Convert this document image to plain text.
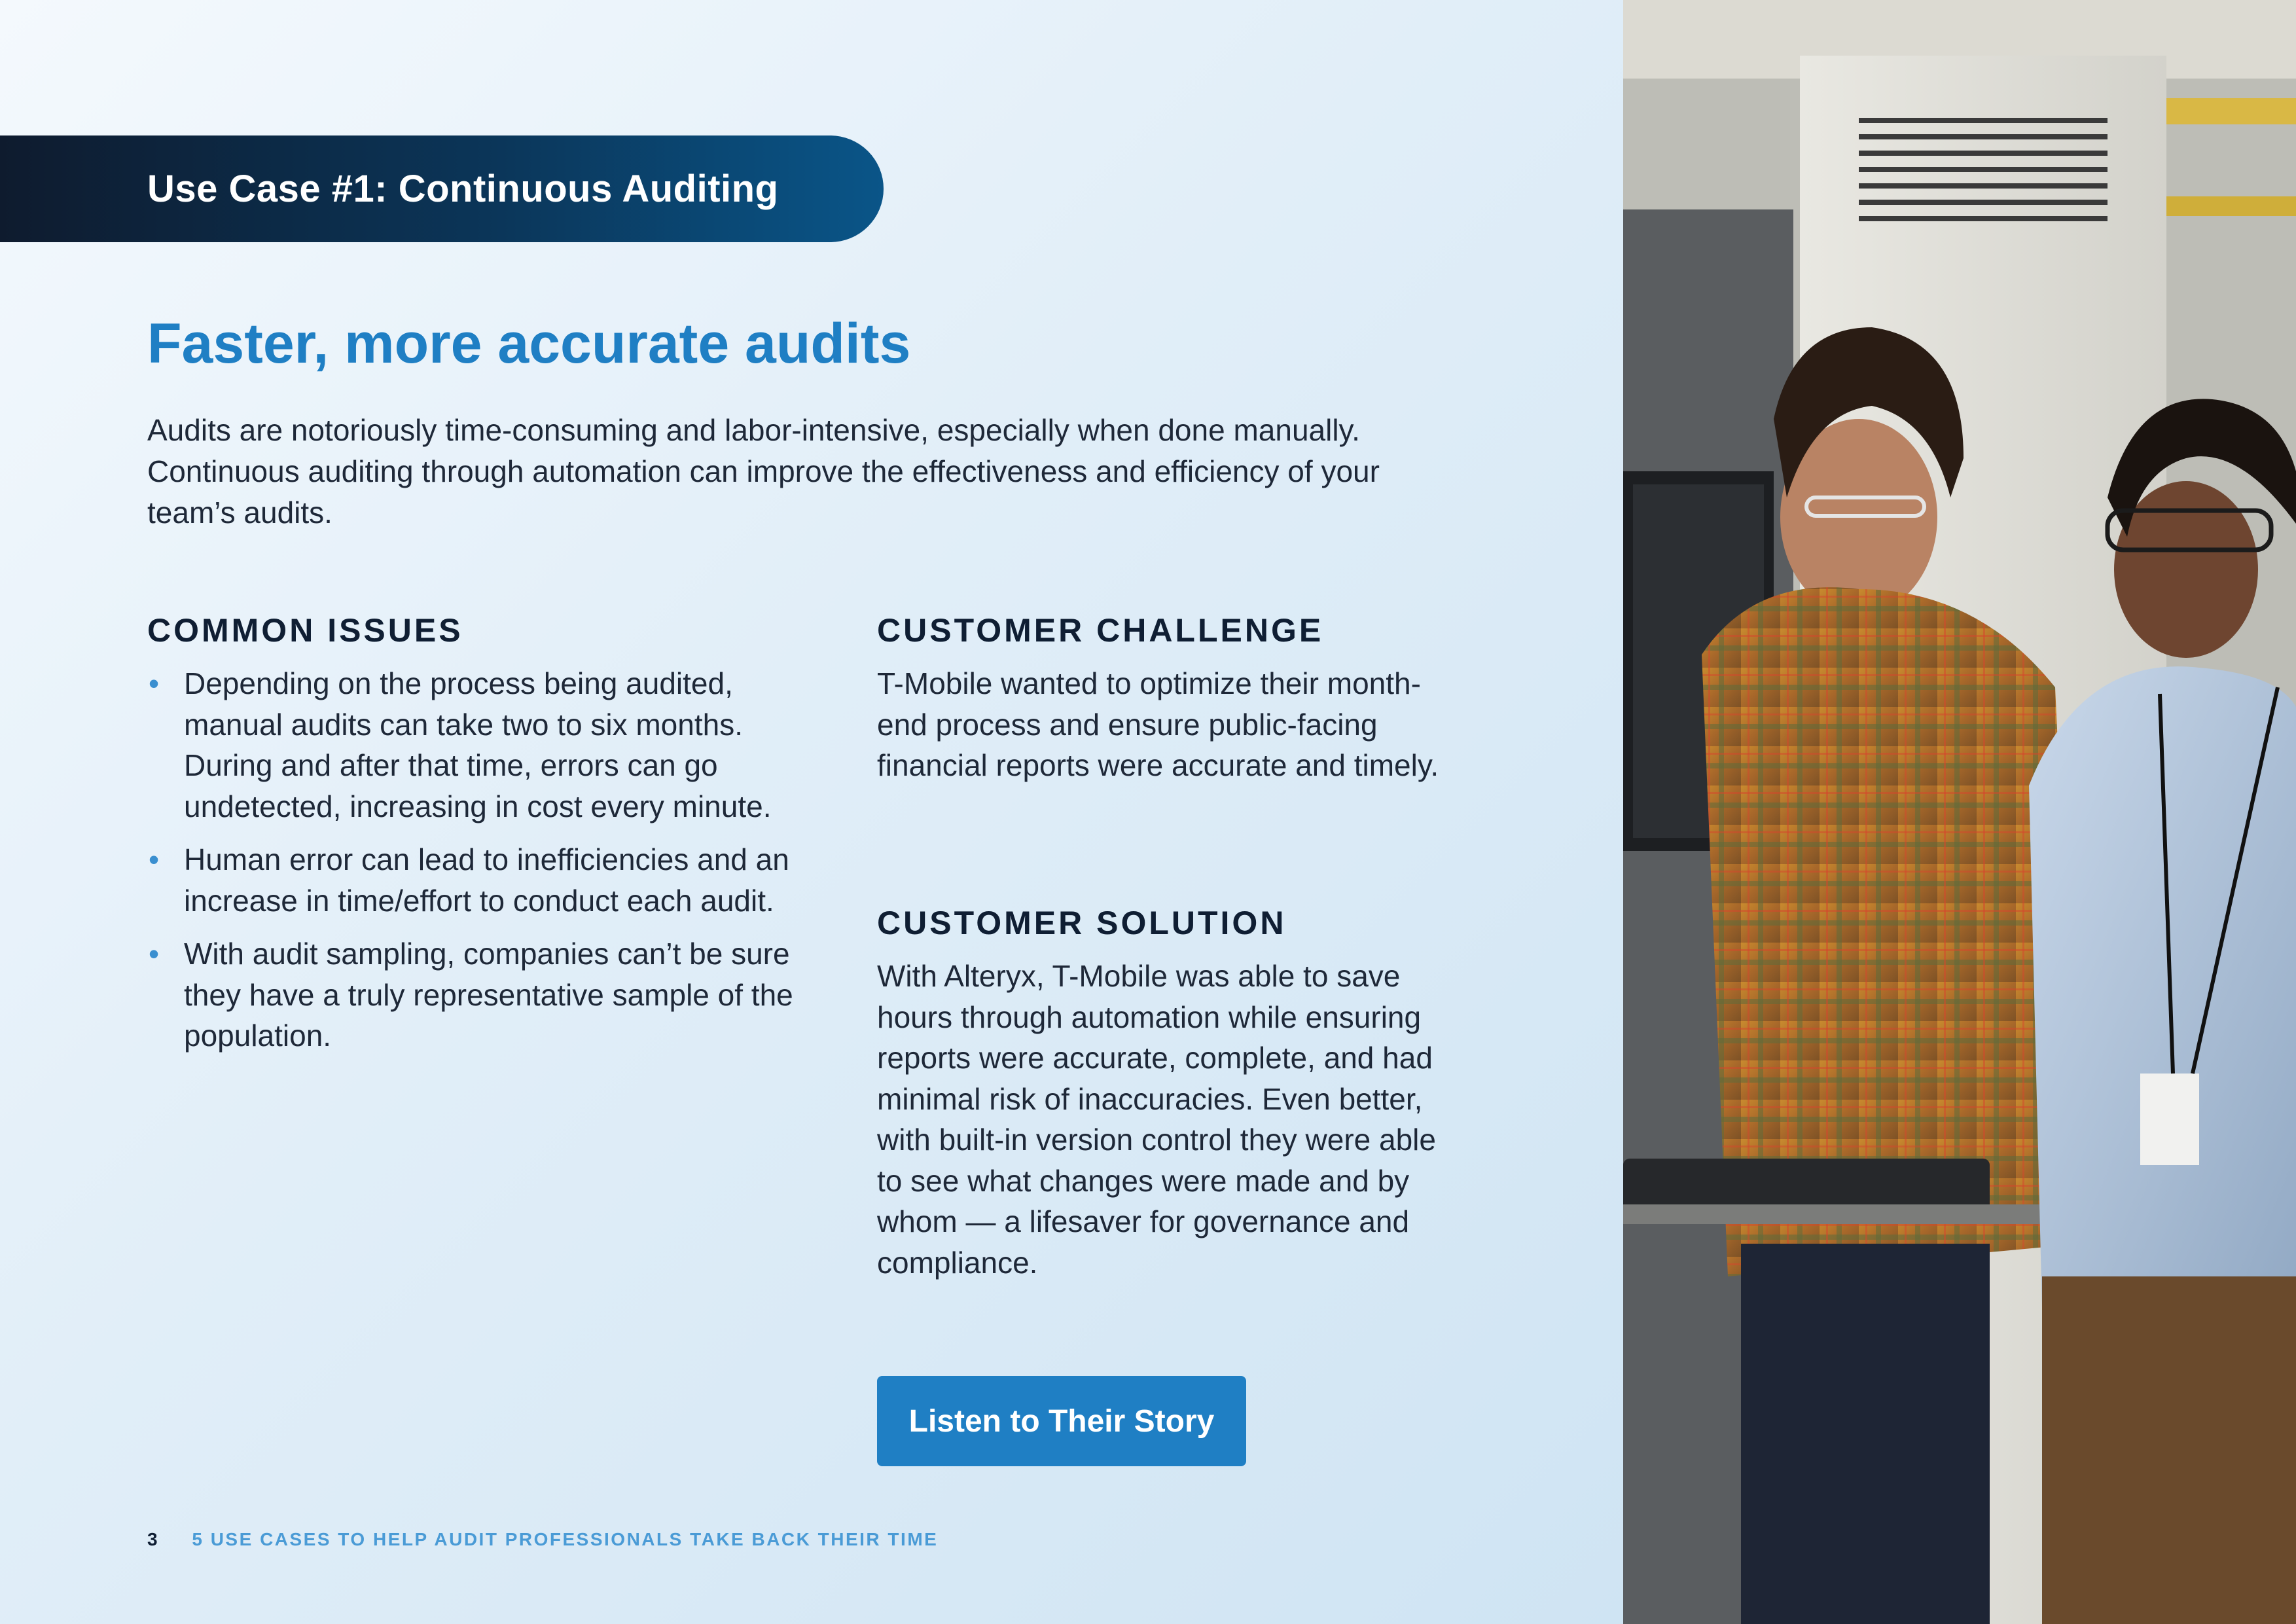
Use Case #1: Continuous Auditing
Faster, more accurate audits

Audits are notoriously time-consuming and labor-intensive, especially when done manually. Continuous auditing through automation can improve the effectiveness and efficiency of your team’s audits.

COMMON ISSUES
• Depending on the process being audited, manual audits can take two to six months. During and after that time, errors can go undetected, increasing in cost every minute.
• Human error can lead to inefficiencies and an increase in time/effort to conduct each audit.
• With audit sampling, companies can’t be sure they have a truly representative sample of the population.
CUSTOMER CHALLENGE

T-Mobile wanted to optimize their month-end process and ensure public-facing financial reports were accurate and timely.

CUSTOMER SOLUTION

With Alteryx, T-Mobile was able to save hours through automation while ensuring reports were accurate, complete, and had minimal risk of inaccuracies. Even better, with built-in version control they were able to see what changes were made and by whom — a lifesaver for governance and compliance.

Listen to Their Story
3 5 USE CASES TO HELP AUDIT PROFESSIONALS TAKE BACK THEIR TIME
